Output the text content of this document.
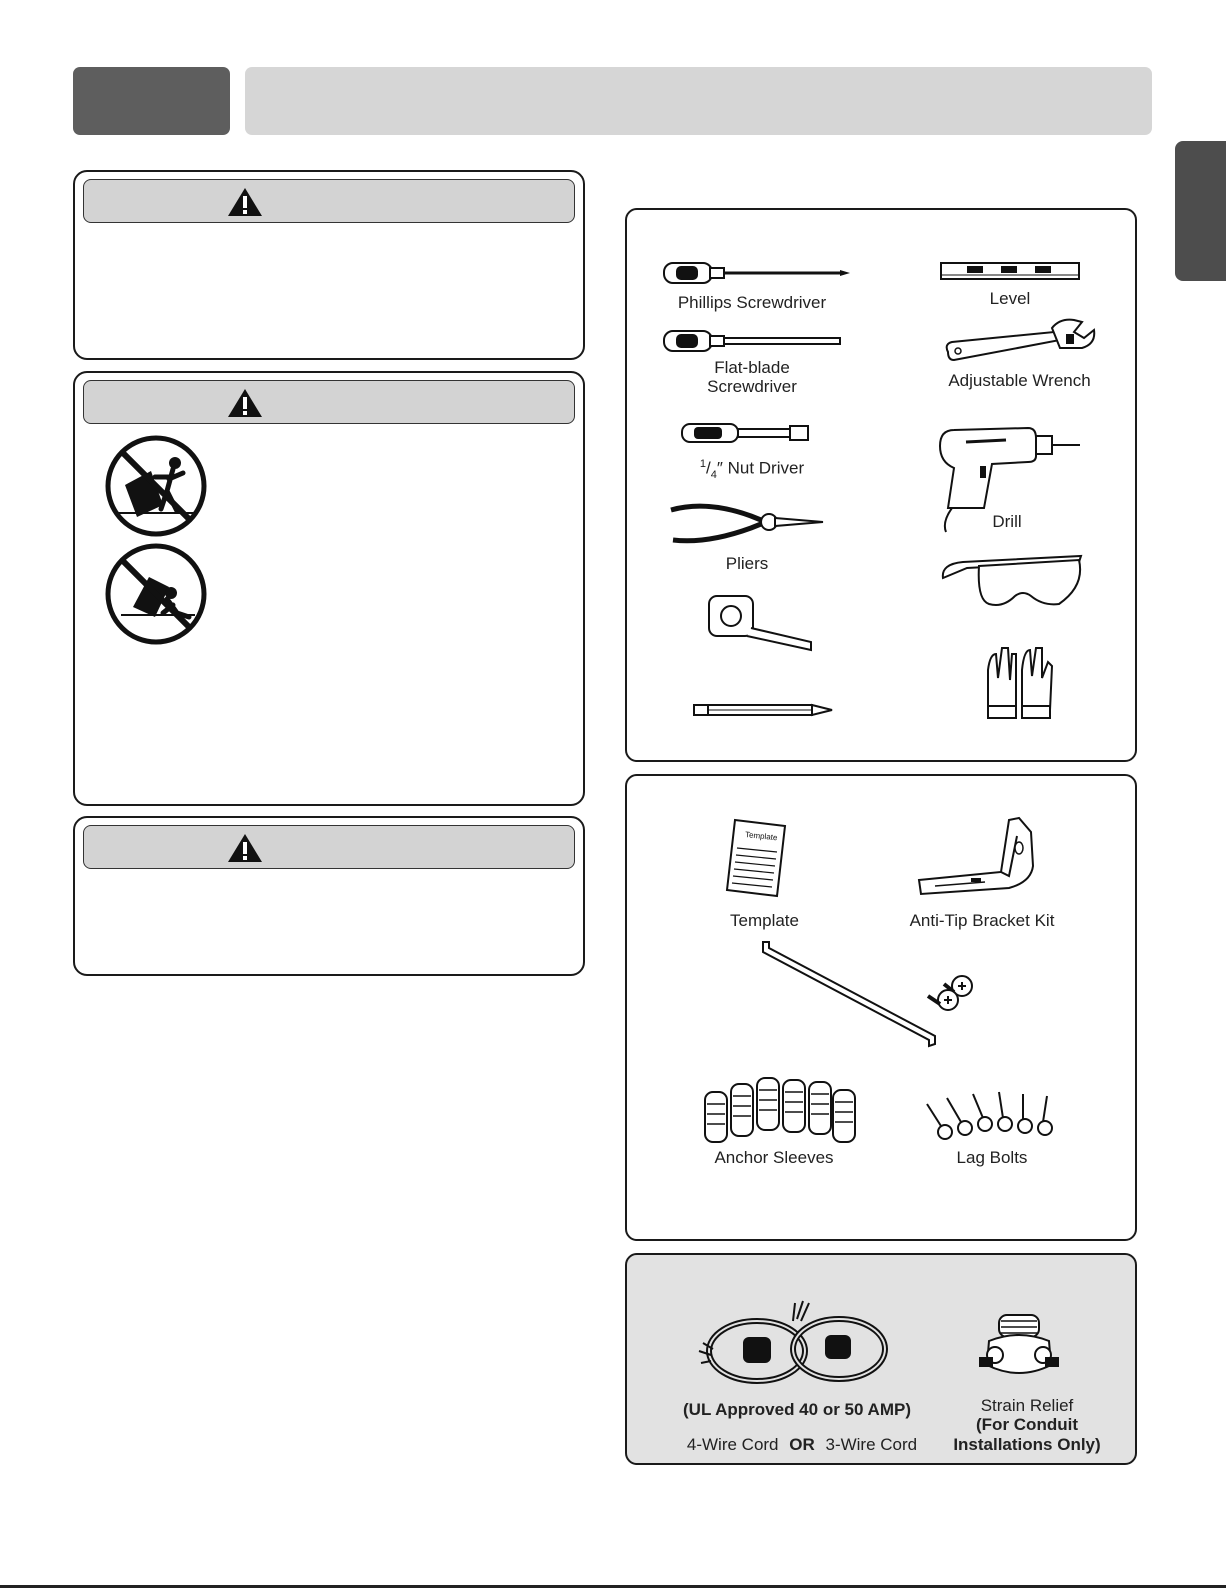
Phillips Screwdriver	Level
Flat-blade
Screwdriver	Adjustable Wrench
$^1/_4''$ Nut Driver
Drill
Pliers
Template
Template	Anti-Tip Bracket Kit
Anchor Sleeves	Lag Bolts
(UL Approved 40 or 50 AMP)
4-Wire Cord OR 3-Wire Cord
Strain Relief
(For Conduit
Installations Only)
